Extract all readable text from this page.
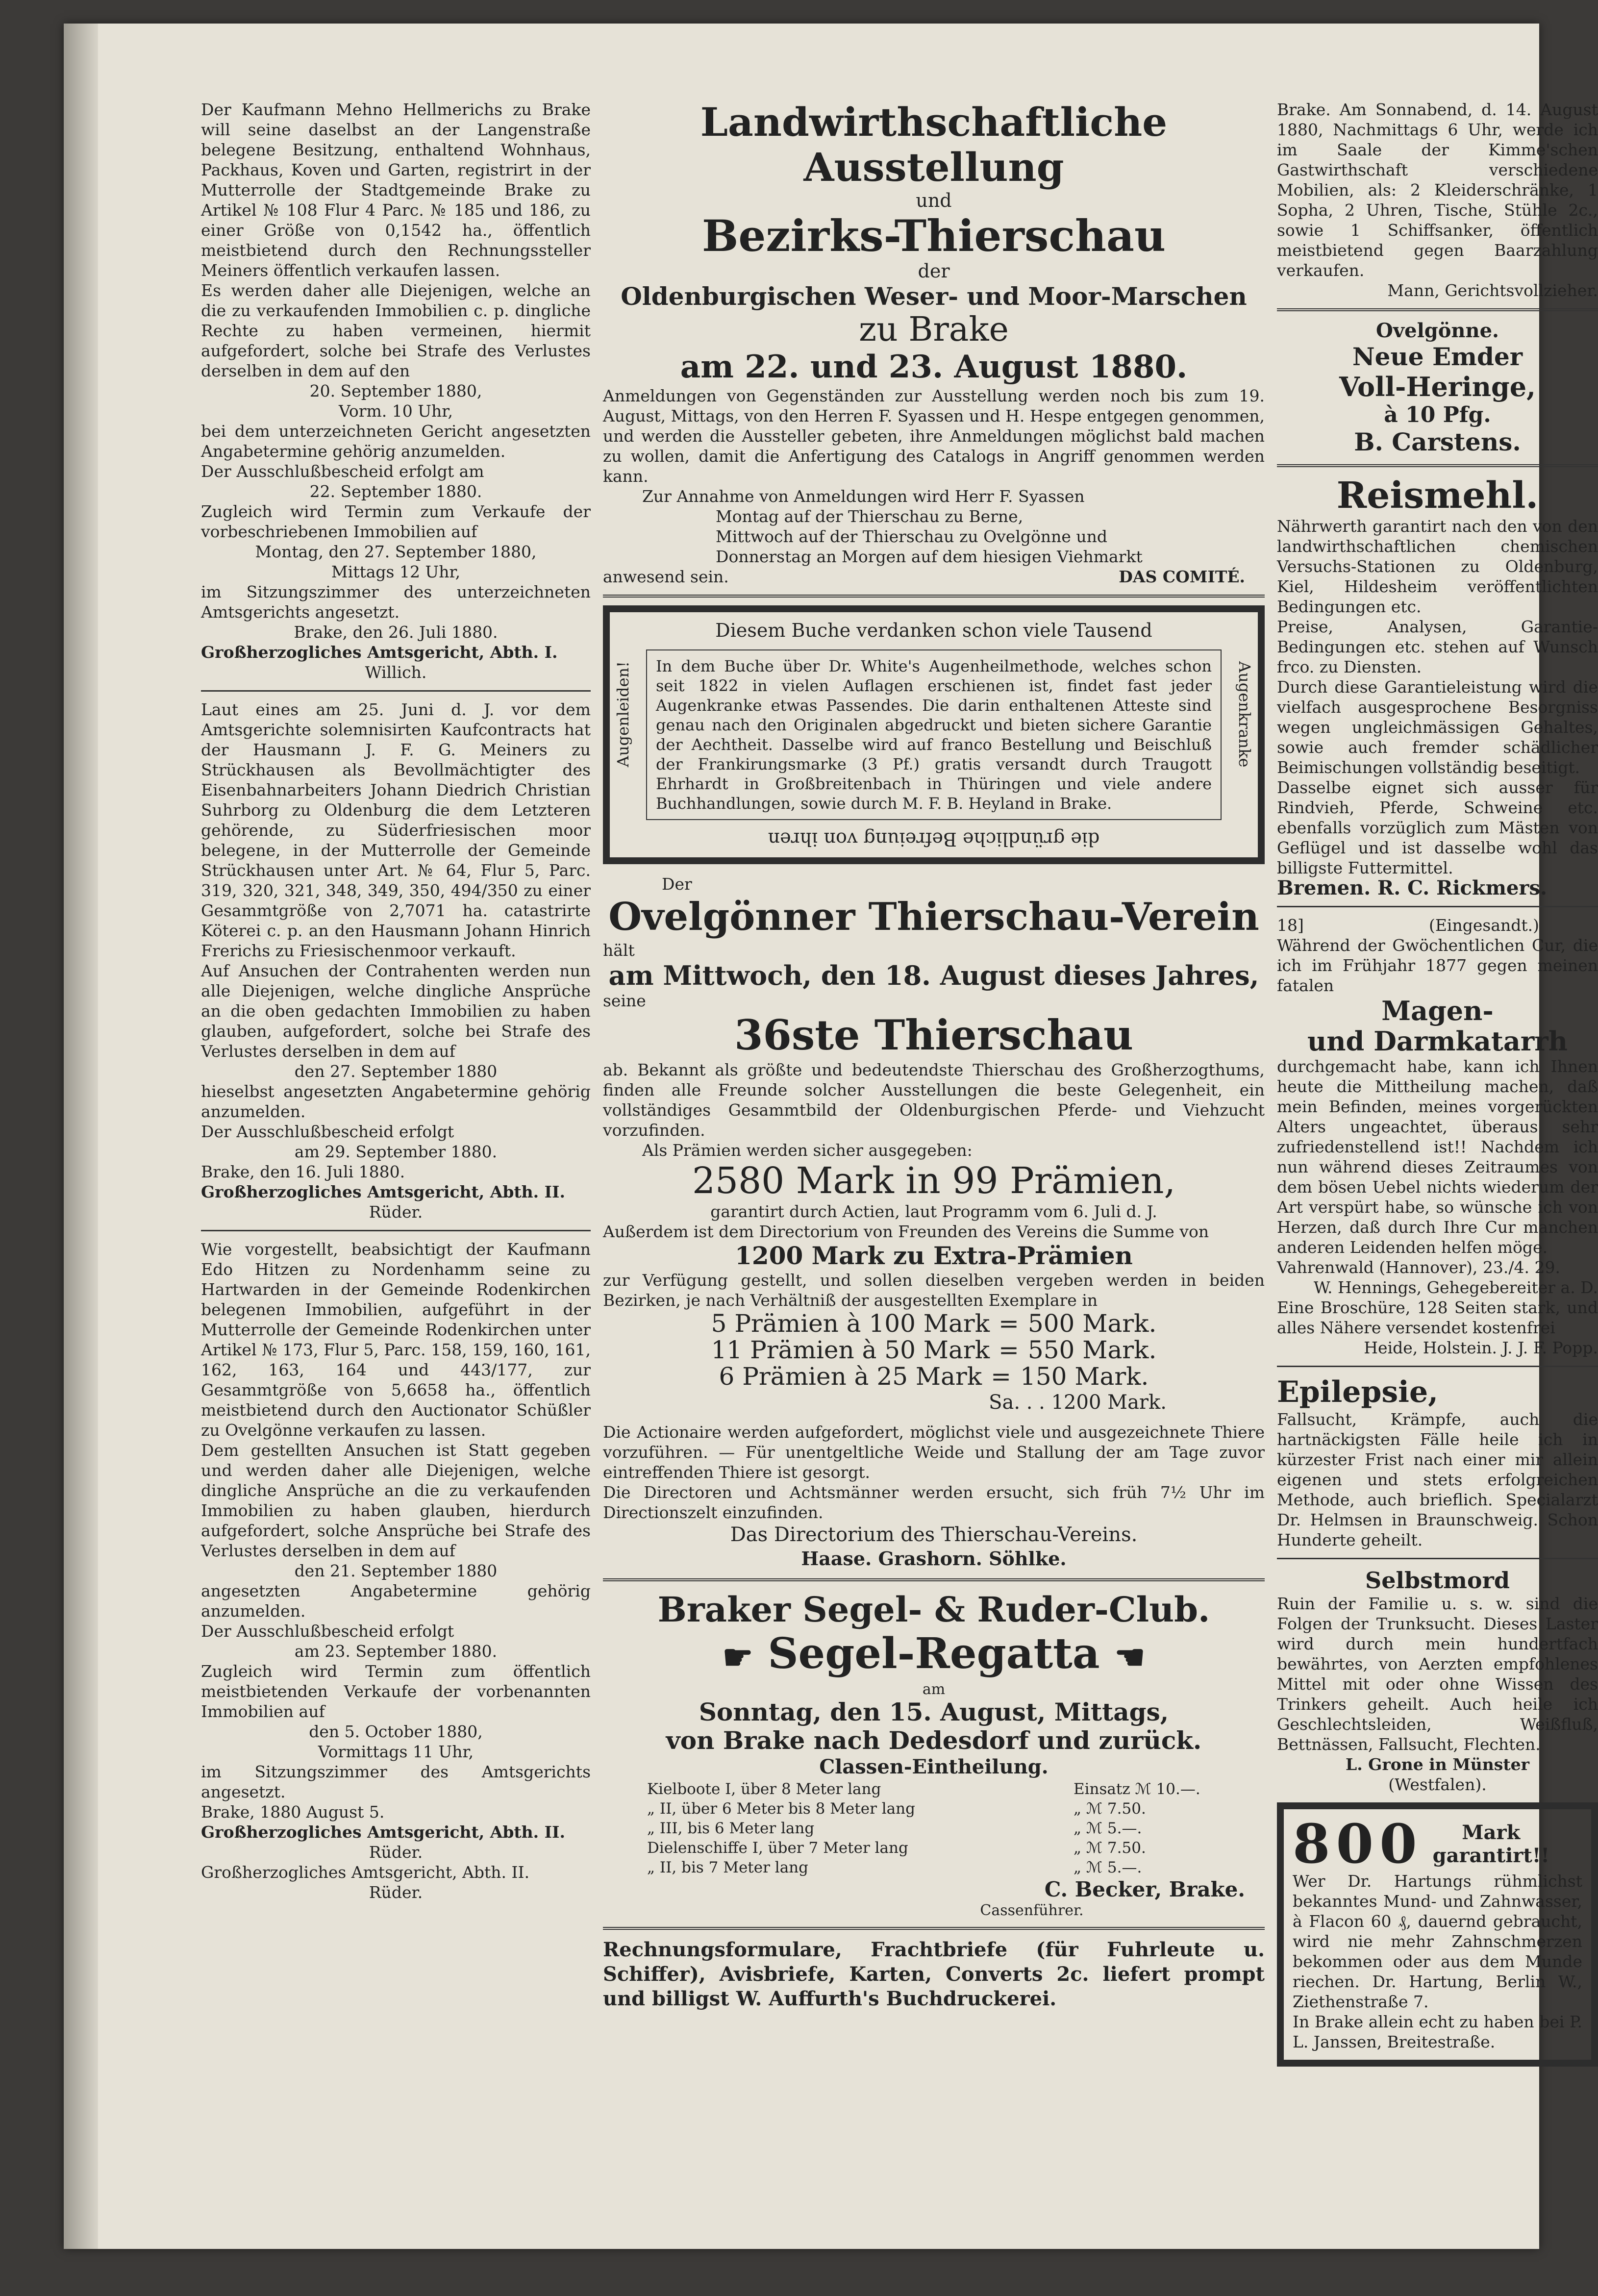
Der Kaufmann Mehno Hellmerichs zu Brake will seine daselbst an der Langenstraße belegene Besitzung, enthaltend Wohnhaus, Packhaus, Koven und Garten, registrirt in der Mutterrolle der Stadtgemeinde Brake zu Artikel № 108 Flur 4 Parc. № 185 und 186, zu einer Größe von 0,1542 ha., öffentlich meistbietend durch den Rechnungssteller Meiners öffentlich verkaufen lassen.

Es werden daher alle Diejenigen, welche an die zu verkaufenden Immobilien c. p. dingliche Rechte zu haben vermeinen, hiermit aufgefordert, solche bei Strafe des Verlustes derselben in dem auf den

20. September 1880,

Vorm. 10 Uhr,

bei dem unterzeichneten Gericht angesetzten Angabetermine gehörig anzumelden.

Der Ausschlußbescheid erfolgt am

22. September 1880.

Zugleich wird Termin zum Verkaufe der vorbeschriebenen Immobilien auf

Montag, den 27. September 1880,

Mittags 12 Uhr,

im Sitzungszimmer des unterzeichneten Amtsgerichts angesetzt.

Brake, den 26. Juli 1880.

Großherzogliches Amtsgericht, Abth. I.

Willich.

Laut eines am 25. Juni d. J. vor dem Amtsgerichte solemnisirten Kaufcontracts hat der Hausmann J. F. G. Meiners zu Strückhausen als Bevollmächtigter des Eisenbahnarbeiters Johann Diedrich Christian Suhrborg zu Oldenburg die dem Letzteren gehörende, zu Süderfriesischen moor belegene, in der Mutterrolle der Gemeinde Strückhausen unter Art. № 64, Flur 5, Parc. 319, 320, 321, 348, 349, 350, 494/350 zu einer Gesammtgröße von 2,7071 ha. catastrirte Köterei c. p. an den Hausmann Johann Hinrich Frerichs zu Friesischenmoor verkauft.

Auf Ansuchen der Contrahenten werden nun alle Diejenigen, welche dingliche Ansprüche an die oben gedachten Immobilien zu haben glauben, aufgefordert, solche bei Strafe des Verlustes derselben in dem auf

den 27. September 1880

hieselbst angesetzten Angabetermine gehörig anzumelden.

Der Ausschlußbescheid erfolgt

am 29. September 1880.

Brake, den 16. Juli 1880.

Großherzogliches Amtsgericht, Abth. II.

Rüder.

Wie vorgestellt, beabsichtigt der Kaufmann Edo Hitzen zu Nordenhamm seine zu Hartwarden in der Gemeinde Rodenkirchen belegenen Immobilien, aufgeführt in der Mutterrolle der Gemeinde Rodenkirchen unter Artikel № 173, Flur 5, Parc. 158, 159, 160, 161, 162, 163, 164 und 443/177, zur Gesammtgröße von 5,6658 ha., öffentlich meistbietend durch den Auctionator Schüßler zu Ovelgönne verkaufen zu lassen.

Dem gestellten Ansuchen ist Statt gegeben und werden daher alle Diejenigen, welche dingliche Ansprüche an die zu verkaufenden Immobilien zu haben glauben, hierdurch aufgefordert, solche Ansprüche bei Strafe des Verlustes derselben in dem auf

den 21. September 1880

angesetzten Angabetermine gehörig anzumelden.

Der Ausschlußbescheid erfolgt

am 23. September 1880.

Zugleich wird Termin zum öffentlich meistbietenden Verkaufe der vorbenannten Immobilien auf

den 5. October 1880,

Vormittags 11 Uhr,

im Sitzungszimmer des Amtsgerichts angesetzt.

Brake, 1880 August 5.

Großherzogliches Amtsgericht, Abth. II.

Rüder.

Großherzogliches Amtsgericht, Abth. II.

Rüder.

Landwirthschaftliche Ausstellung

und

Bezirks-Thierschau

der

Oldenburgischen Weser- und Moor-Marschen

zu Brake

am 22. und 23. August 1880.

Anmeldungen von Gegenständen zur Ausstellung werden noch bis zum 19. August, Mittags, von den Herren F. Syassen und H. Hespe entgegen genommen, und werden die Aussteller gebeten, ihre Anmeldungen möglichst bald machen zu wollen, damit die Anfertigung des Catalogs in Angriff genommen werden kann.

Zur Annahme von Anmeldungen wird Herr F. Syassen

Montag auf der Thierschau zu Berne,

Mittwoch auf der Thierschau zu Ovelgönne und

Donnerstag an Morgen auf dem hiesigen Viehmarkt

anwesend sein.	DAS COMITÉ.

Diesem Buche verdanken schon viele Tausend

Augenleiden!	Augenkranke

In dem Buche über Dr. White's Augenheilmethode, welches schon seit 1822 in vielen Auflagen erschienen ist, findet fast jeder Augenkranke etwas Passendes. Die darin enthaltenen Atteste sind genau nach den Originalen abgedruckt und bieten sichere Garantie der Aechtheit. Dasselbe wird auf franco Bestellung und Beischluß der Frankirungsmarke (3 Pf.) gratis versandt durch Traugott Ehrhardt in Großbreitenbach in Thüringen und viele andere Buchhandlungen, sowie durch M. F. B. Heyland in Brake.

die gründliche Befreiung von ihren

Der

Ovelgönner Thierschau-Verein

hält

am Mittwoch, den 18. August dieses Jahres,

seine

36ste Thierschau

ab. Bekannt als größte und bedeutendste Thierschau des Großherzogthums, finden alle Freunde solcher Ausstellungen die beste Gelegenheit, ein vollständiges Gesammtbild der Oldenburgischen Pferde- und Viehzucht vorzufinden.

Als Prämien werden sicher ausgegeben:

2580 Mark in 99 Prämien,

garantirt durch Actien, laut Programm vom 6. Juli d. J.

Außerdem ist dem Directorium von Freunden des Vereins die Summe von

1200 Mark zu Extra-Prämien

zur Verfügung gestellt, und sollen dieselben vergeben werden in beiden Bezirken, je nach Verhältniß der ausgestellten Exemplare in

5 Prämien à 100 Mark = 500 Mark.
11 Prämien à 50 Mark = 550 Mark.
6 Prämien à 25 Mark = 150 Mark.

Sa. . . 1200 Mark.

Die Actionaire werden aufgefordert, möglichst viele und ausgezeichnete Thiere vorzuführen. — Für unentgeltliche Weide und Stallung der am Tage zuvor eintreffenden Thiere ist gesorgt.

Die Directoren und Achtsmänner werden ersucht, sich früh 7½ Uhr im Directionszelt einzufinden.

Das Directorium des Thierschau-Vereins.

Haase. Grashorn. Söhlke.

Braker Segel- & Ruder-Club.

☛ Segel-Regatta ☚

am

Sonntag, den 15. August, Mittags,

von Brake nach Dedesdorf und zurück.

Classen-Eintheilung.

Kielboote I, über 8 Meter lang	Einsatz ℳ 10.—.
„ II, über 6 Meter bis 8 Meter lang	„ ℳ 7.50.
„ III, bis 6 Meter lang	„ ℳ 5.—.
Dielenschiffe I, über 7 Meter lang	„ ℳ 7.50.
„ II, bis 7 Meter lang	„ ℳ 5.—.

C. Becker, Brake.

Cassenführer.

Rechnungsformulare, Frachtbriefe (für Fuhrleute u. Schiffer), Avisbriefe, Karten, Converts 2c. liefert prompt und billigst W. Auffurth's Buchdruckerei.

Brake. Am Sonnabend, d. 14. August 1880, Nachmittags 6 Uhr, werde ich im Saale der Kimme'schen Gastwirthschaft verschiedene Mobilien, als: 2 Kleiderschränke, 1 Sopha, 2 Uhren, Tische, Stühle 2c., sowie 1 Schiffsanker, öffentlich meistbietend gegen Baarzahlung verkaufen.

Mann, Gerichtsvollzieher.

Ovelgönne.

Neue Emder

Voll-Heringe,

à 10 Pfg.

B. Carstens.

Reismehl.

Nährwerth garantirt nach den von den landwirthschaftlichen chemischen Versuchs-Stationen zu Oldenburg, Kiel, Hildesheim veröffentlichten Bedingungen etc.

Preise, Analysen, Garantie-Bedingungen etc. stehen auf Wunsch frco. zu Diensten.

Durch diese Garantieleistung wird die vielfach ausgesprochene Besorgniss wegen ungleichmässigen Gehaltes, sowie auch fremder schädlicher Beimischungen vollständig beseitigt.

Dasselbe eignet sich ausser für Rindvieh, Pferde, Schweine etc. ebenfalls vorzüglich zum Mästen von Geflügel und ist dasselbe wohl das billigste Futtermittel.

Bremen. R. C. Rickmers.

18]	(Eingesandt.)

Während der Gwöchentlichen Cur, die ich im Frühjahr 1877 gegen meinen fatalen

Magen-

und Darmkatarrh

durchgemacht habe, kann ich Ihnen heute die Mittheilung machen, daß mein Befinden, meines vorgerückten Alters ungeachtet, überaus sehr zufriedenstellend ist!! Nachdem ich nun während dieses Zeitraumes von dem bösen Uebel nichts wiederum der Art verspürt habe, so wünsche ich von Herzen, daß durch Ihre Cur manchen anderen Leidenden helfen möge.

Vahrenwald (Hannover), 23./4. 29.

W. Hennings, Gehegebereiter a. D.

Eine Broschüre, 128 Seiten stark, und alles Nähere versendet kostenfrei

Heide, Holstein. J. J. F. Popp.

Epilepsie,

Fallsucht, Krämpfe, auch die hartnäckigsten Fälle heile ich in kürzester Frist nach einer mir allein eigenen und stets erfolgreichen Methode, auch brieflich. Specialarzt Dr. Helmsen in Braunschweig. Schon Hunderte geheilt.

Selbstmord

Ruin der Familie u. s. w. sind die Folgen der Trunksucht. Dieses Laster wird durch mein hundertfach bewährtes, von Aerzten empfohlenes Mittel mit oder ohne Wissen des Trinkers geheilt. Auch heile ich Geschlechtsleiden, Weißfluß, Bettnässen, Fallsucht, Flechten.

L. Grone in Münster

(Westfalen).

800	Mark

garantirt!!

Wer Dr. Hartungs rühmlichst bekanntes Mund- und Zahnwasser, à Flacon 60 ₰, dauernd gebraucht, wird nie mehr Zahnschmerzen bekommen oder aus dem Munde riechen. Dr. Hartung, Berlin W., Ziethenstraße 7.

In Brake allein echt zu haben bei P. L. Janssen, Breitestraße.
